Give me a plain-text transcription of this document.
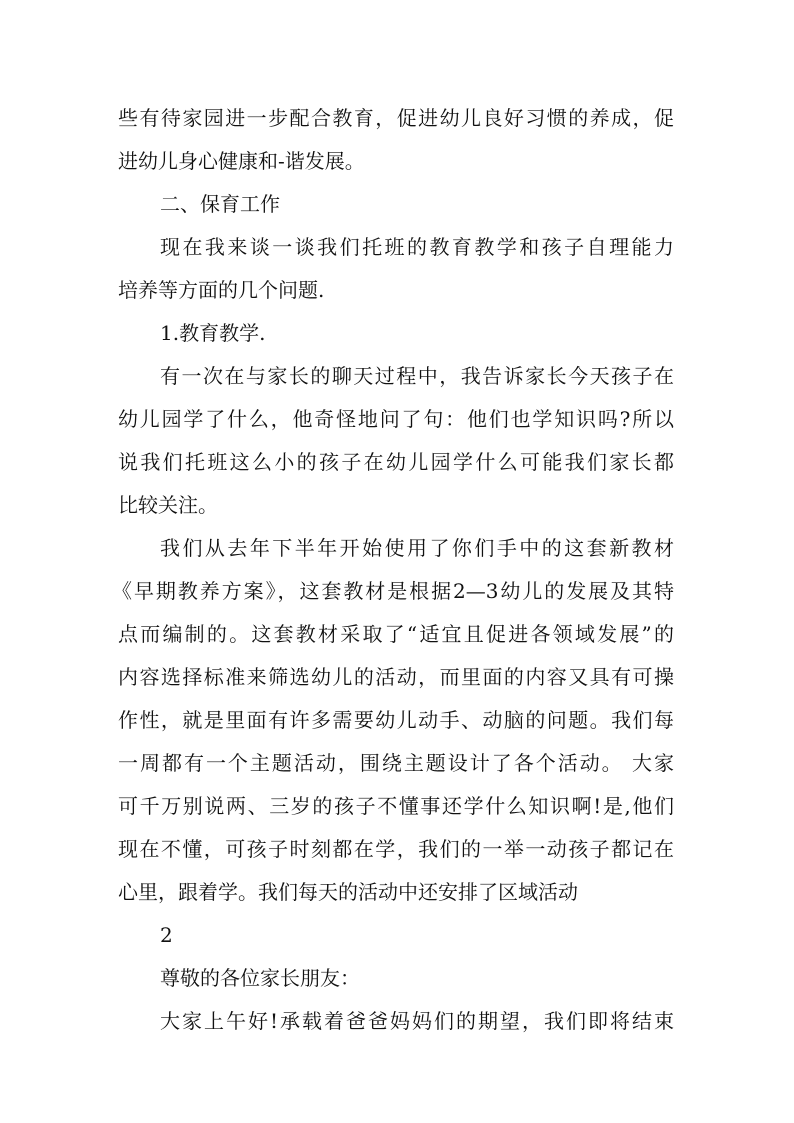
些有待家园进一步配合教育，促进幼儿良好习惯的养成，促
进幼儿身心健康和-谐发展。
二、保育工作
现在我来谈一谈我们托班的教育教学和孩子自理能力
培养等方面的几个问题.
1.教育教学.
有一次在与家长的聊天过程中，我告诉家长今天孩子在
幼儿园学了什么，他奇怪地问了句：他们也学知识吗?所以
说我们托班这么小的孩子在幼儿园学什么可能我们家长都
比较关注。
我们从去年下半年开始使用了你们手中的这套新教材
《早期教养方案》，这套教材是根据2—3幼儿的发展及其特
点而编制的。这套教材采取了“适宜且促进各领域发展”的
内容选择标准来筛选幼儿的活动，而里面的内容又具有可操
作性，就是里面有许多需要幼儿动手、动脑的问题。我们每
一周都有一个主题活动，围绕主题设计了各个活动。 大家
可千万别说两、三岁的孩子不懂事还学什么知识啊!是,他们
现在不懂，可孩子时刻都在学，我们的一举一动孩子都记在
心里，跟着学。我们每天的活动中还安排了区域活动
2
尊敬的各位家长朋友：
大家上午好!承载着爸爸妈妈们的期望，我们即将结束
